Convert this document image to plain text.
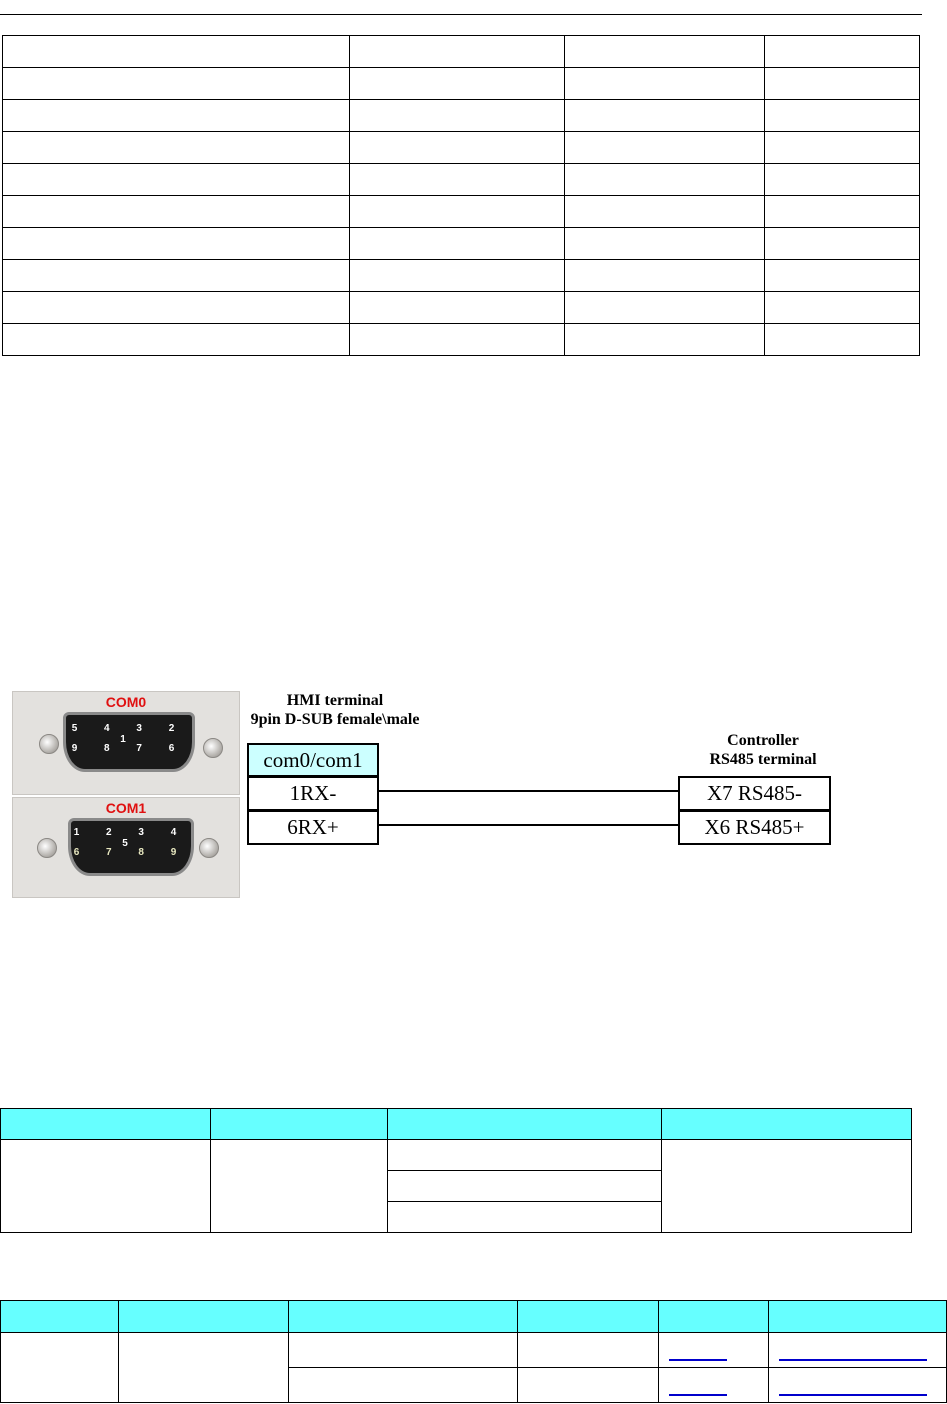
COM0
5 4 3 2 1
9 8 7 6
COM1
1 2 3 4 5
6 7 8 9
HMI terminal
9pin D-SUB female\male
com0/com1
1RX-
6RX+
Controller
RS485 terminal
X7 RS485-
X6 RS485+
